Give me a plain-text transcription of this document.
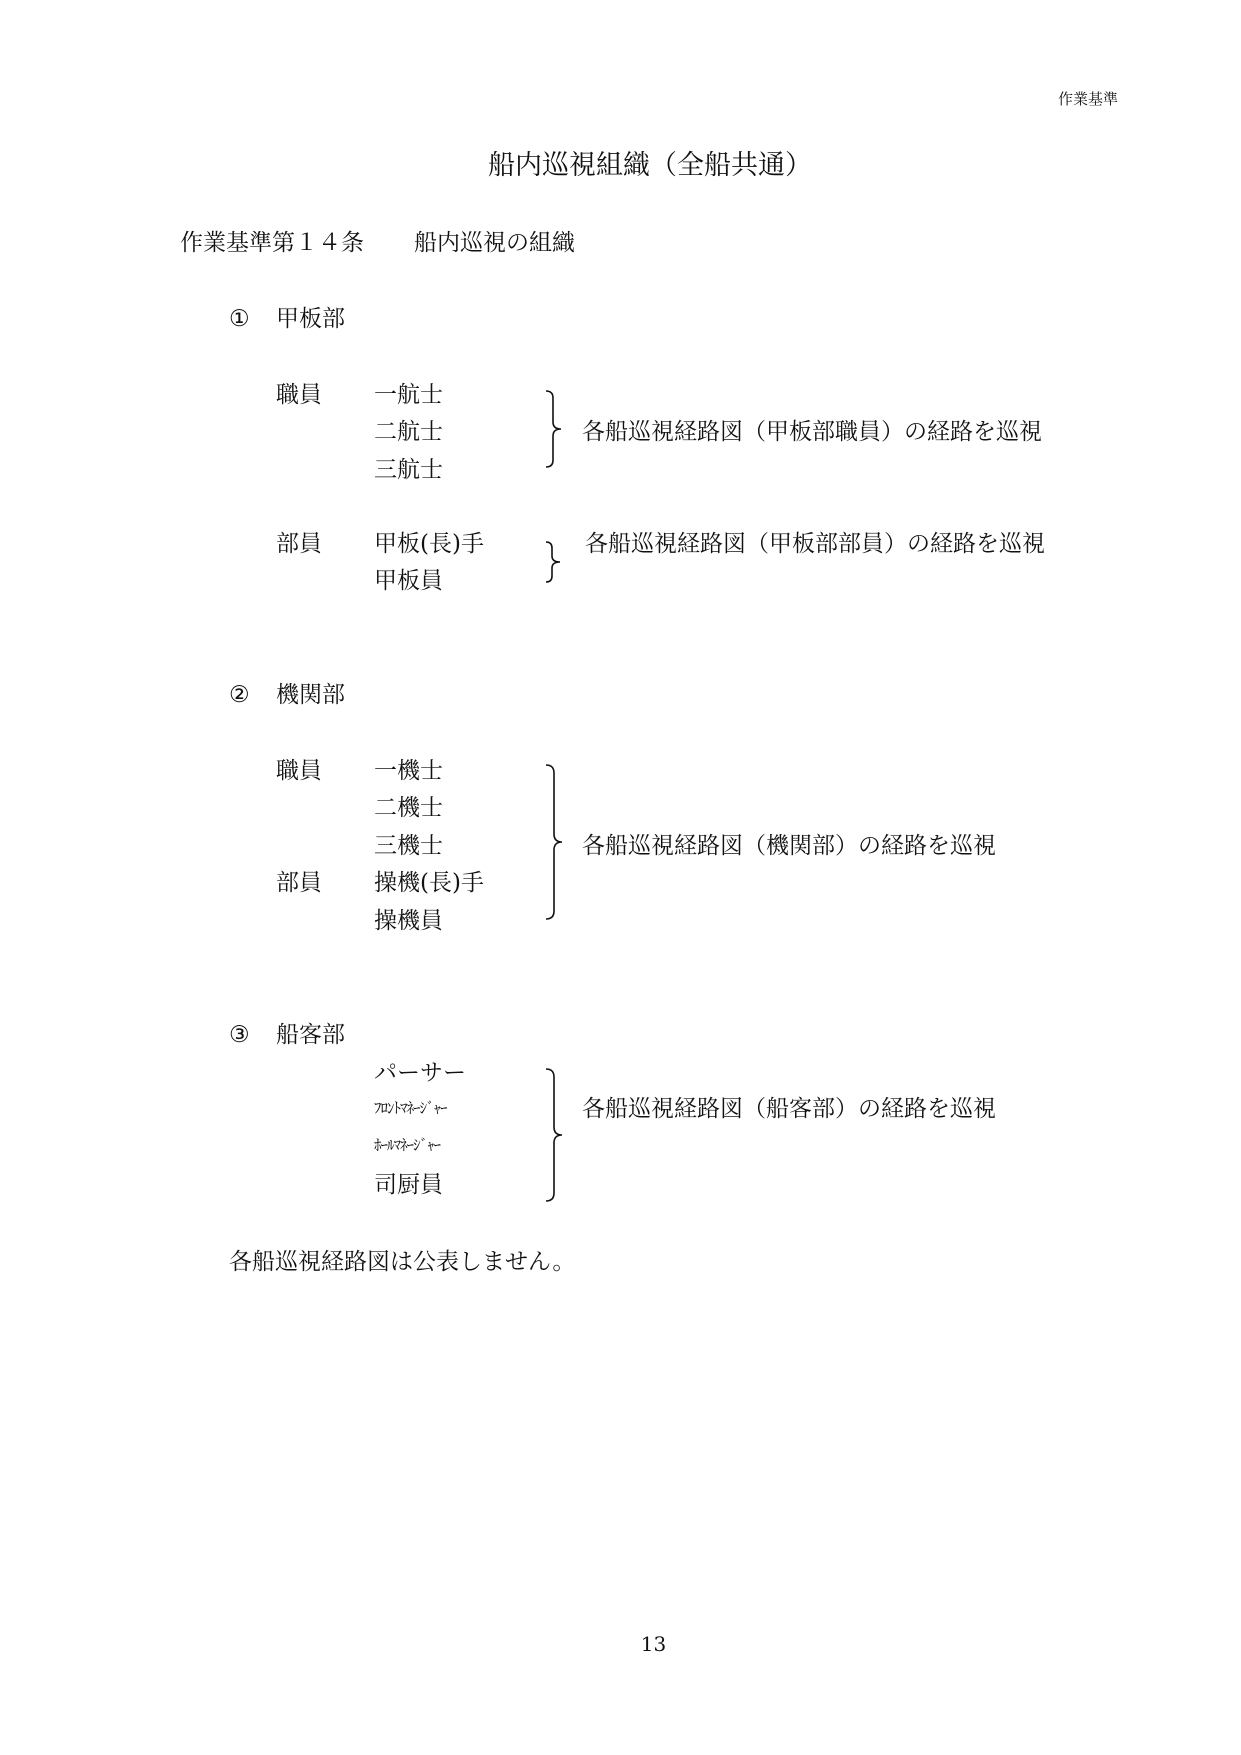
作業基準
船内巡視組織（全船共通）
作業基準第１４条 船内巡視の組織
① 甲板部
職員 一航士
二航士
三航士
各船巡視経路図（甲板部職員）の経路を巡視
部員 甲板(長)手
甲板員
各船巡視経路図（甲板部部員）の経路を巡視
② 機関部
職員 一機士
二機士
三機士
部員 操機(長)手
操機員
各船巡視経路図（機関部）の経路を巡視
③ 船客部
パーサー
ﾌﾛﾝﾄﾏﾈｰｼﾞｬｰ
ﾎｰﾙﾏﾈｰｼﾞｬｰ
司厨員
各船巡視経路図（船客部）の経路を巡視
各船巡視経路図は公表しません。
13
